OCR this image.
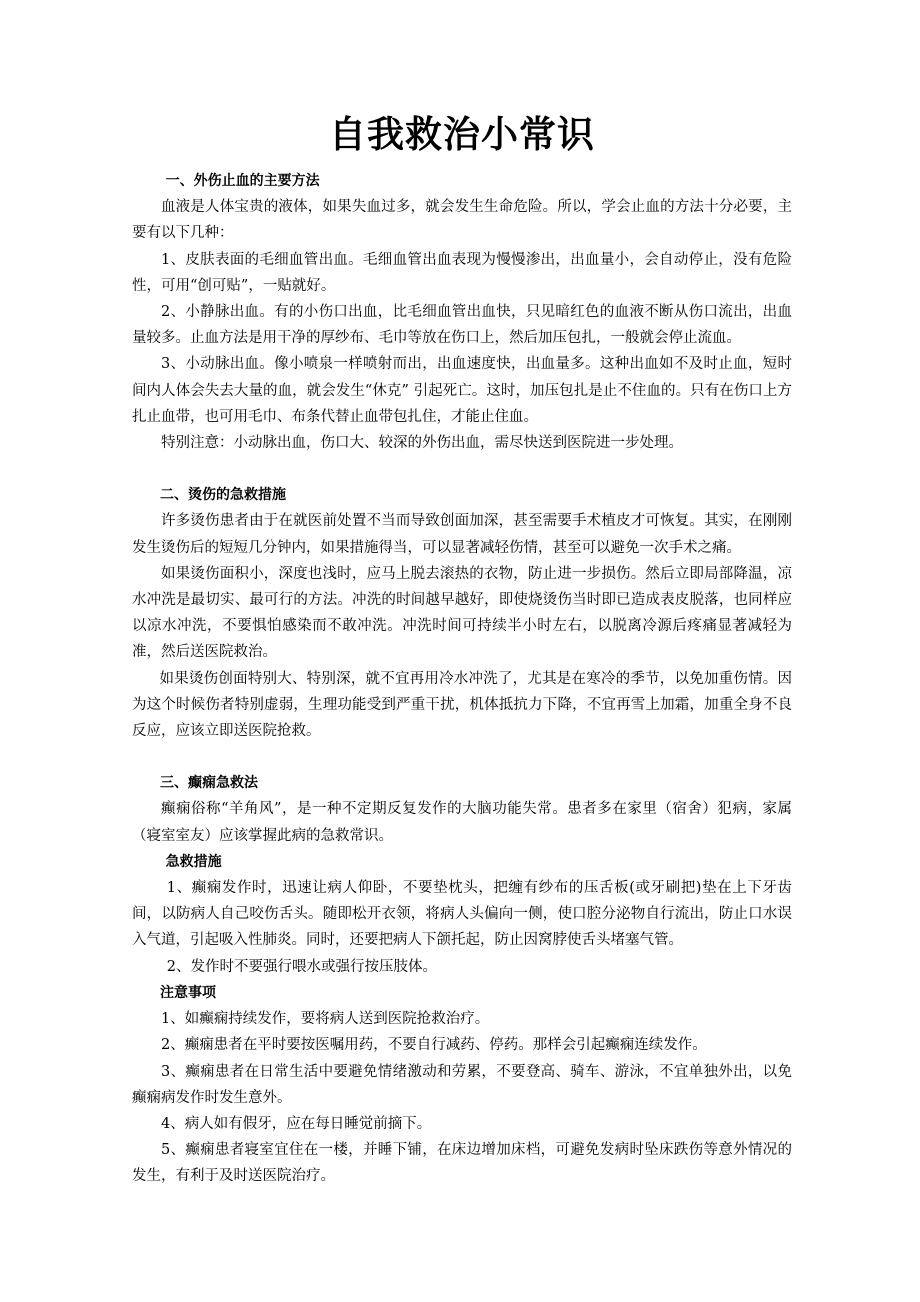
自我救治小常识

一、外伤止血的主要方法

血液是人体宝贵的液体，如果失血过多，就会发生生命危险。所以，学会止血的方法十分必要，主要有以下几种：

1、皮肤表面的毛细血管出血。毛细血管出血表现为慢慢渗出，出血量小，会自动停止，没有危险性，可用“创可贴”，一贴就好。

2、小静脉出血。有的小伤口出血，比毛细血管出血快，只见暗红色的血液不断从伤口流出，出血量较多。止血方法是用干净的厚纱布、毛巾等放在伤口上，然后加压包扎，一般就会停止流血。

3、小动脉出血。像小喷泉一样喷射而出，出血速度快，出血量多。这种出血如不及时止血，短时间内人体会失去大量的血，就会发生“休克” 引起死亡。这时，加压包扎是止不住血的。只有在伤口上方扎止血带，也可用毛巾、布条代替止血带包扎住，才能止住血。

特别注意：小动脉出血，伤口大、较深的外伤出血，需尽快送到医院进一步处理。

二、烫伤的急救措施

许多烫伤患者由于在就医前处置不当而导致创面加深，甚至需要手术植皮才可恢复。其实，在刚刚发生烫伤后的短短几分钟内，如果措施得当，可以显著减轻伤情，甚至可以避免一次手术之痛。

如果烫伤面积小，深度也浅时，应马上脱去滚热的衣物，防止进一步损伤。然后立即局部降温，凉水冲洗是最切实、最可行的方法。冲洗的时间越早越好，即使烧烫伤当时即已造成表皮脱落，也同样应以凉水冲洗，不要惧怕感染而不敢冲洗。冲洗时间可持续半小时左右，以脱离冷源后疼痛显著减轻为准，然后送医院救治。

如果烫伤创面特别大、特别深，就不宜再用冷水冲洗了，尤其是在寒冷的季节，以免加重伤情。因为这个时候伤者特别虚弱，生理功能受到严重干扰，机体抵抗力下降，不宜再雪上加霜，加重全身不良反应，应该立即送医院抢救。

三、癫痫急救法

癫痫俗称“羊角风”，是一种不定期反复发作的大脑功能失常。患者多在家里（宿舍）犯病，家属（寝室室友）应该掌握此病的急救常识。

急救措施

1、癫痫发作时，迅速让病人仰卧，不要垫枕头，把缠有纱布的压舌板(或牙刷把)垫在上下牙齿间，以防病人自己咬伤舌头。随即松开衣领，将病人头偏向一侧，使口腔分泌物自行流出，防止口水误入气道，引起吸入性肺炎。同时，还要把病人下颌托起，防止因窝脖使舌头堵塞气管。

2、发作时不要强行喂水或强行按压肢体。

注意事项

1、如癫痫持续发作，要将病人送到医院抢救治疗。

2、癫痫患者在平时要按医嘱用药，不要自行减药、停药。那样会引起癫痫连续发作。

3、癫痫患者在日常生活中要避免情绪激动和劳累，不要登高、骑车、游泳，不宜单独外出，以免癫痫病发作时发生意外。

4、病人如有假牙，应在每日睡觉前摘下。

5、癫痫患者寝室宜住在一楼，并睡下铺，在床边增加床档，可避免发病时坠床跌伤等意外情况的发生，有利于及时送医院治疗。
